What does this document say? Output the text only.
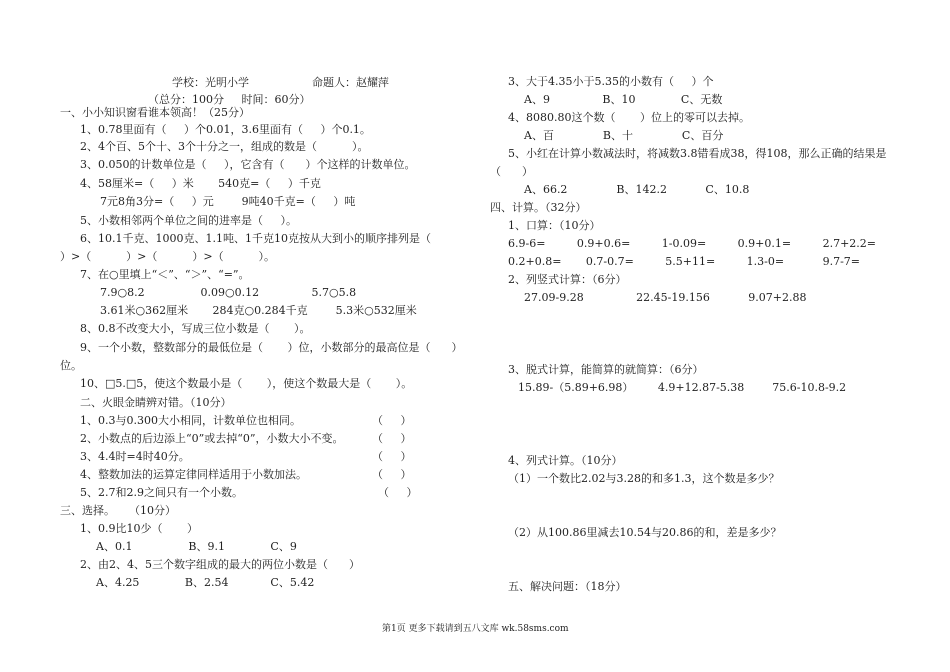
学校：光明小学                  命题人：赵耀萍
（总分：100分     时间：60分）
一、小小知识窗看谁本领高！（25分）
1、0.78里面有（     ）个0.01，3.6里面有（     ）个0.1。
2、4个百、5个十、3个十分之一，组成的数是（          ）。
3、0.050的计数单位是（     ），它含有（      ）个这样的计数单位。
4、58厘米=（     ）米       540克=（     ）千克
7元8角3分=（     ）元        9吨40千克=（     ）吨
5、小数相邻两个单位之间的进率是（     ）。
6、10.1千克、1000克、1.1吨、1千克10克按从大到小的顺序排列是（
）>（          ）>（          ）>（          ）。
7、在○里填上“＜”、“＞”、“=”。
7.9○8.2                0.09○0.12               5.7○5.8
3.61米○362厘米       284克○0.284千克        5.3米○532厘米
8、0.8不改变大小，写成三位小数是（       ）。
9、一个小数，整数部分的最低位是（       ）位，小数部分的最高位是（      ）
位。
10、□5.□5，使这个数最小是（       ），使这个数最大是（       ）。
二、火眼金睛辨对错。（10分）
1、0.3与0.300大小相同，计数单位也相同。	（     ）
2、小数点的后边添上“0”或去掉“0”，小数大小不变。	（     ）
3、4.4时=4时40分。	（     ）
4、整数加法的运算定律同样适用于小数加法。	（     ）
5、2.7和2.9之间只有一个小数。	（     ）
三、选择。    （10分）
1、0.9比10少（       ）
A、0.1                B、9.1             C、9
2、由2、4、5三个数字组成的最大的两位小数是（      ）
A、4.25             B、2.54            C、5.42
3、大于4.35小于5.35的小数有（     ）个
A、9               B、10             C、无数
4、8080.80这个数（       ）位上的零可以去掉。
A、百              B、十              C、百分
5、小红在计算小数减法时，将减数3.8错看成38，得108，那么正确的结果是
（      ）
A、66.2              B、142.2           C、10.8
四、计算。（32分）
1、口算：（10分）
6.9-6=         0.9+0.6=         1-0.09=         0.9+0.1=         2.7+2.2=
0.2+0.8=       0.7-0.7=         5.5+11=         1.3-0=           9.7-7=
2、列竖式计算：（6分）
27.09-9.28               22.45-19.156           9.07+2.88
3、脱式计算，能简算的就简算：（6分）
15.89-（5.89+6.98）       4.9+12.87-5.38        75.6-10.8-9.2
4、列式计算。（10分）
（1）一个数比2.02与3.28的和多1.3，这个数是多少？
（2）从100.86里减去10.54与20.86的和，差是多少？
五、解决问题：（18分）
第1页 更多下载请到五八文库 wk.58sms.com
